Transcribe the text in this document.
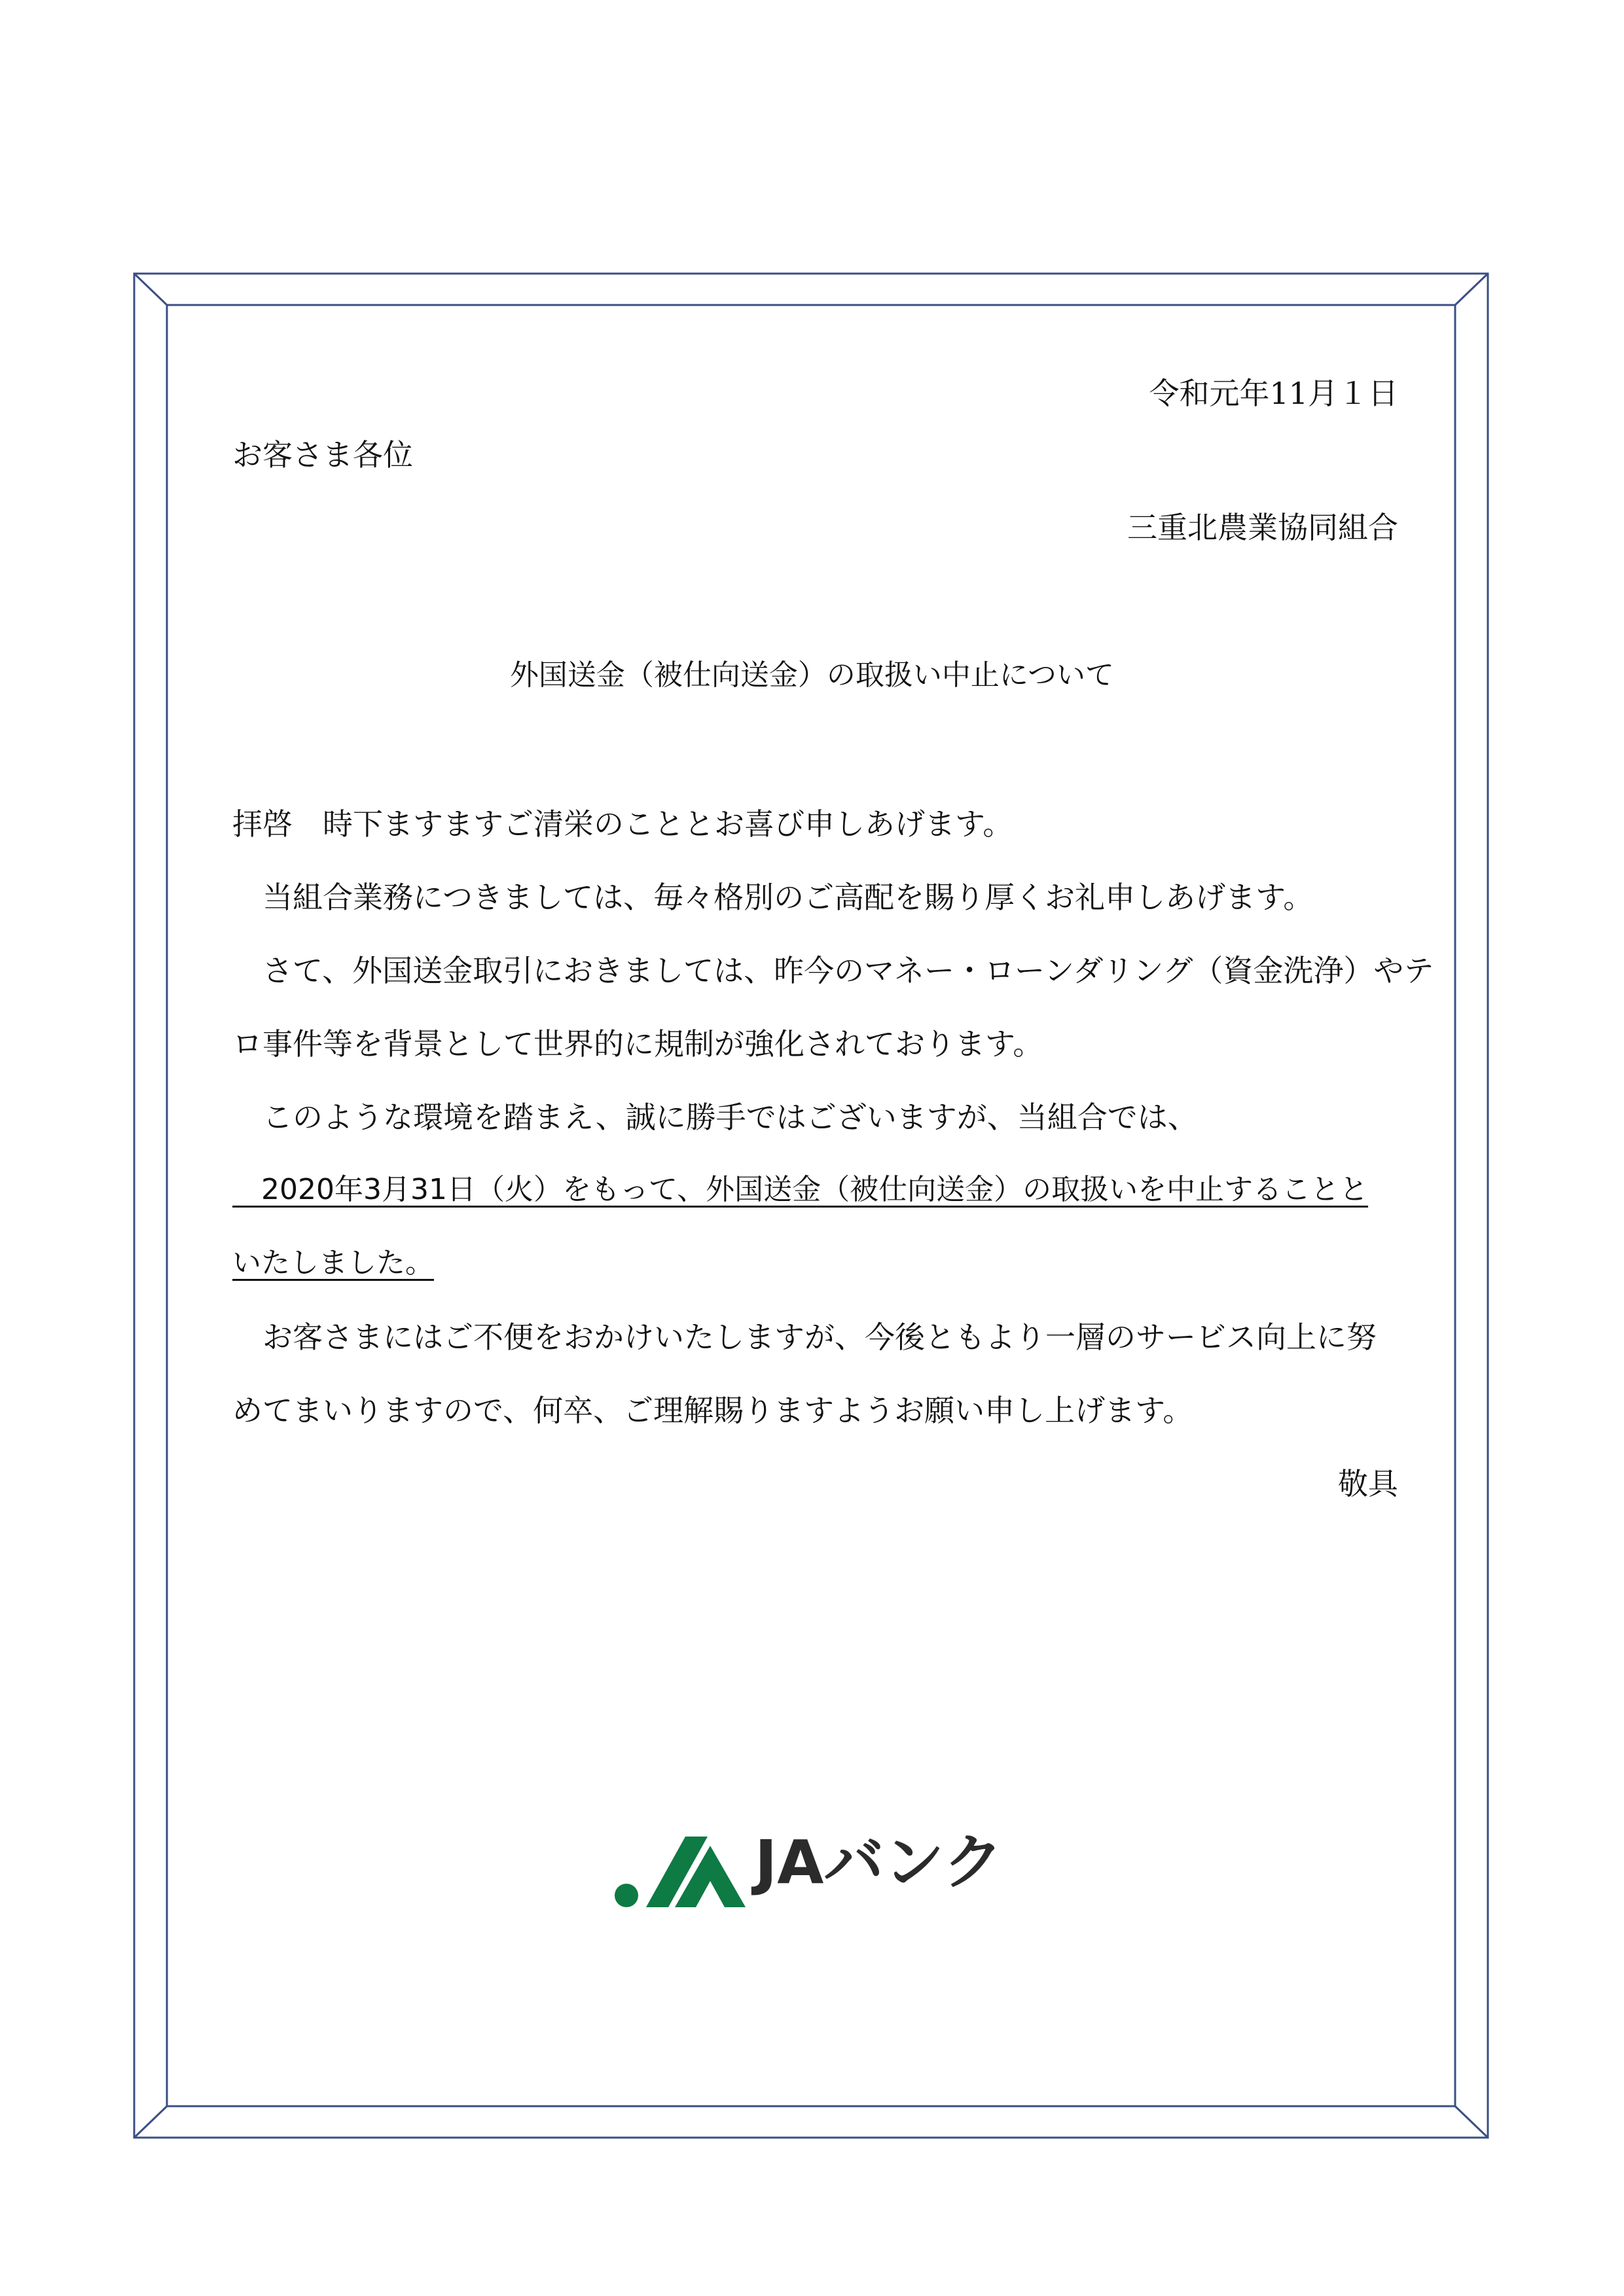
令和元年11月１日
お客さま各位
三重北農業協同組合
外国送金（被仕向送金）の取扱い中止について
拝啓　時下ますますご清栄のこととお喜び申しあげます。
　当組合業務につきましては、毎々格別のご高配を賜り厚くお礼申しあげます。
　さて、外国送金取引におきましては、昨今のマネー・ローンダリング（資金洗浄）やテ
ロ事件等を背景として世界的に規制が強化されております。
　このような環境を踏まえ、誠に勝手ではございますが、当組合では、
　2020年3月31日（火）をもって、外国送金（被仕向送金）の取扱いを中止することと
いたしました。
　お客さまにはご不便をおかけいたしますが、今後ともより一層のサービス向上に努
めてまいりますので、何卒、ご理解賜りますようお願い申し上げます。
敬具
JAバンク
